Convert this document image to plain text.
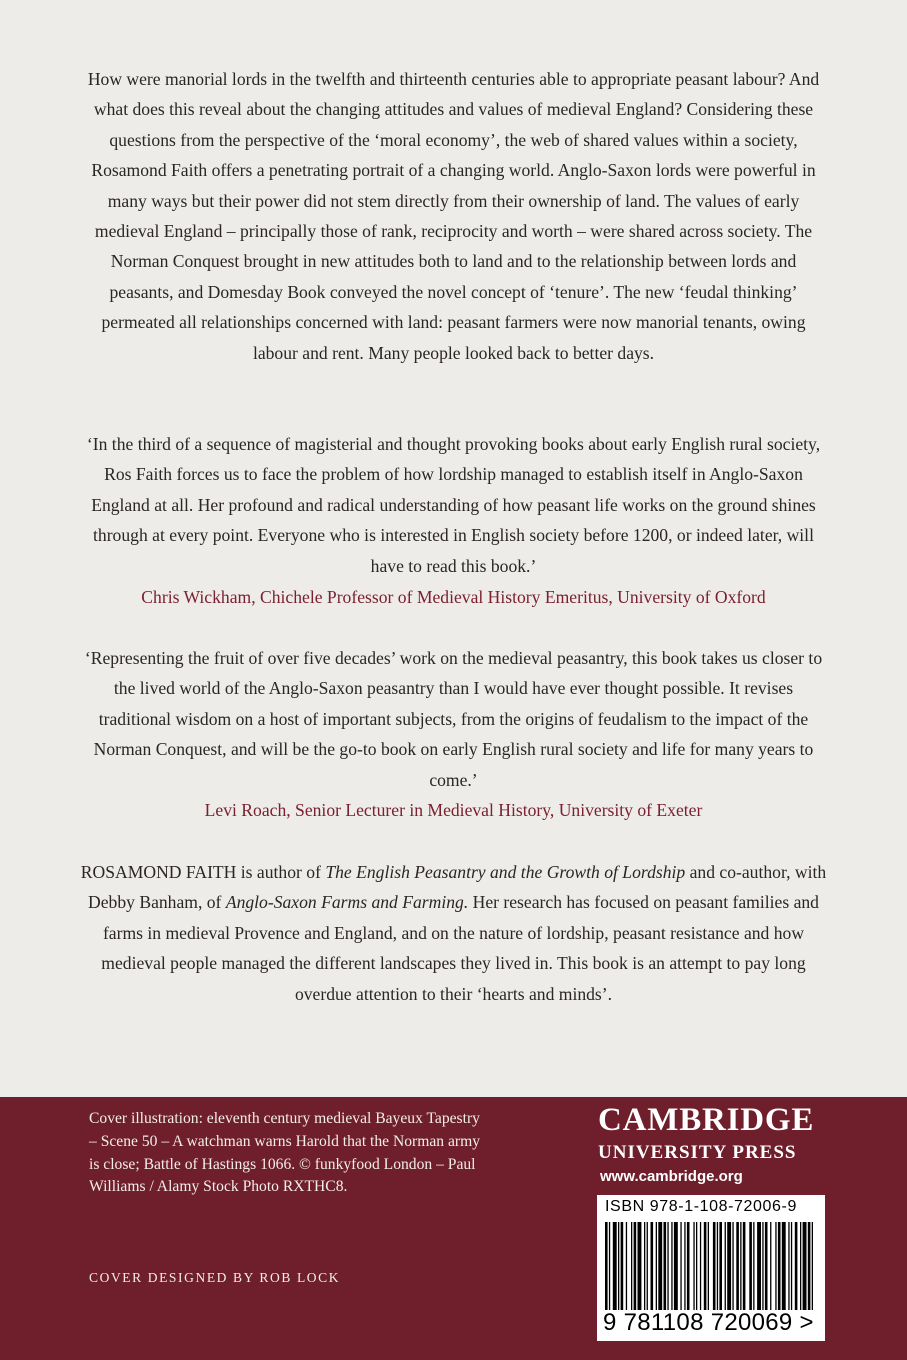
How were manorial lords in the twelfth and thirteenth centuries able to appropriate peasant labour? And what does this reveal about the changing attitudes and values of medieval England? Considering these questions from the perspective of the ‘moral economy’, the web of shared values within a society, Rosamond Faith offers a penetrating portrait of a changing world. Anglo-Saxon lords were powerful in many ways but their power did not stem directly from their ownership of land. The values of early medieval England – principally those of rank, reciprocity and worth – were shared across society. The Norman Conquest brought in new attitudes both to land and to the relationship between lords and peasants, and Domesday Book conveyed the novel concept of ‘tenure’. The new ‘feudal thinking’ permeated all relationships concerned with land: peasant farmers were now manorial tenants, owing labour and rent. Many people looked back to better days.

‘In the third of a sequence of magisterial and thought provoking books about early English rural society, Ros Faith forces us to face the problem of how lordship managed to establish itself in Anglo-Saxon England at all. Her profound and radical understanding of how peasant life works on the ground shines through at every point. Everyone who is interested in English society before 1200, or indeed later, will have to read this book.’

Chris Wickham, Chichele Professor of Medieval History Emeritus, University of Oxford

‘Representing the fruit of over five decades’ work on the medieval peasantry, this book takes us closer to the lived world of the Anglo-Saxon peasantry than I would have ever thought possible. It revises traditional wisdom on a host of important subjects, from the origins of feudalism to the impact of the Norman Conquest, and will be the go-to book on early English rural society and life for many years to come.’

Levi Roach, Senior Lecturer in Medieval History, University of Exeter

ROSAMOND FAITH is author of The English Peasantry and the Growth of Lordship and co-author, with Debby Banham, of Anglo-Saxon Farms and Farming. Her research has focused on peasant families and farms in medieval Provence and England, and on the nature of lordship, peasant resistance and how medieval people managed the different landscapes they lived in. This book is an attempt to pay long overdue attention to their ‘hearts and minds’.

Cover illustration: eleventh century medieval Bayeux Tapestry – Scene 50 – A watchman warns Harold that the Norman army is close; Battle of Hastings 1066. © funkyfood London – Paul Williams / Alamy Stock Photo RXTHC8.

COVER DESIGNED BY ROB LOCK
CAMBRIDGE
UNIVERSITY PRESS
www.cambridge.org
ISBN 978-1-108-72006-9
9 781108 720069 >
